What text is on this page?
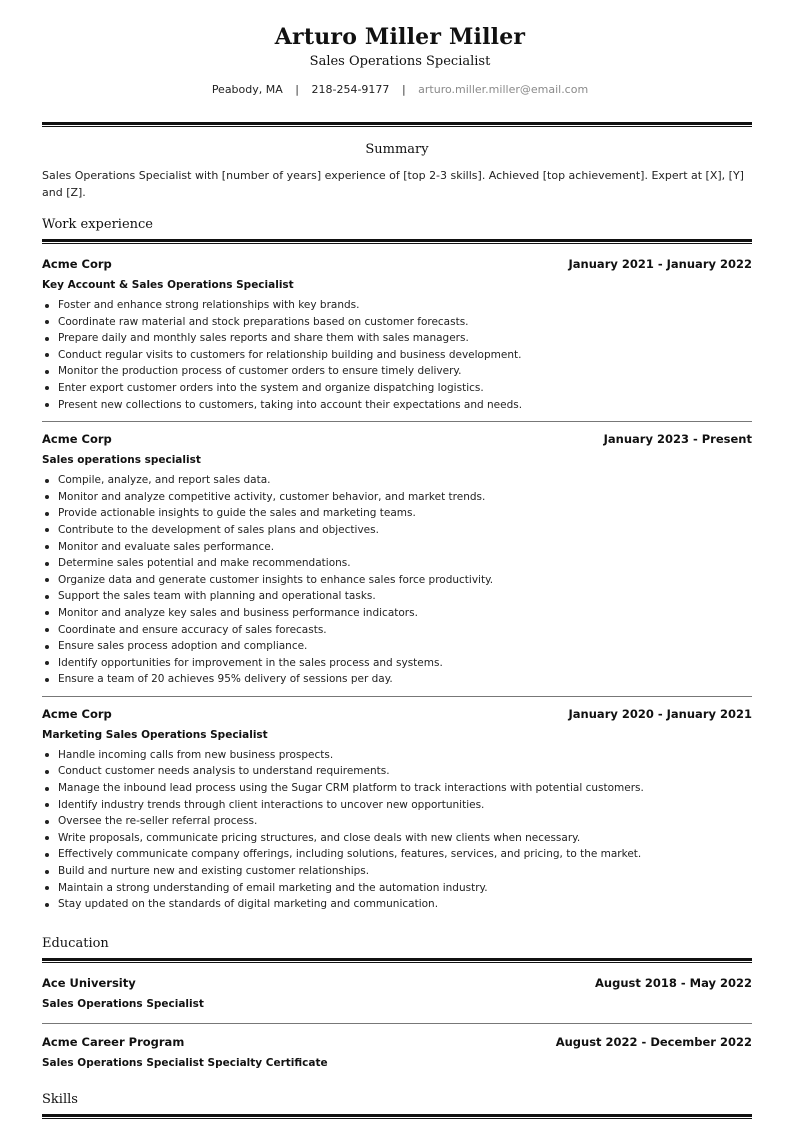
Arturo Miller Miller
Sales Operations Specialist
Peabody, MA | 218-254-9177 | arturo.miller.miller@email.com
Summary
Sales Operations Specialist with [number of years] experience of [top 2-3 skills]. Achieved [top achievement]. Expert at [X], [Y] and [Z].
Work experience
Acme Corp	January 2021 - January 2022
Key Account & Sales Operations Specialist
Foster and enhance strong relationships with key brands.
Coordinate raw material and stock preparations based on customer forecasts.
Prepare daily and monthly sales reports and share them with sales managers.
Conduct regular visits to customers for relationship building and business development.
Monitor the production process of customer orders to ensure timely delivery.
Enter export customer orders into the system and organize dispatching logistics.
Present new collections to customers, taking into account their expectations and needs.
Acme Corp	January 2023 - Present
Sales operations specialist
Compile, analyze, and report sales data.
Monitor and analyze competitive activity, customer behavior, and market trends.
Provide actionable insights to guide the sales and marketing teams.
Contribute to the development of sales plans and objectives.
Monitor and evaluate sales performance.
Determine sales potential and make recommendations.
Organize data and generate customer insights to enhance sales force productivity.
Support the sales team with planning and operational tasks.
Monitor and analyze key sales and business performance indicators.
Coordinate and ensure accuracy of sales forecasts.
Ensure sales process adoption and compliance.
Identify opportunities for improvement in the sales process and systems.
Ensure a team of 20 achieves 95% delivery of sessions per day.
Acme Corp	January 2020 - January 2021
Marketing Sales Operations Specialist
Handle incoming calls from new business prospects.
Conduct customer needs analysis to understand requirements.
Manage the inbound lead process using the Sugar CRM platform to track interactions with potential customers.
Identify industry trends through client interactions to uncover new opportunities.
Oversee the re-seller referral process.
Write proposals, communicate pricing structures, and close deals with new clients when necessary.
Effectively communicate company offerings, including solutions, features, services, and pricing, to the market.
Build and nurture new and existing customer relationships.
Maintain a strong understanding of email marketing and the automation industry.
Stay updated on the standards of digital marketing and communication.
Education
Ace University	August 2018 - May 2022
Sales Operations Specialist
Acme Career Program	August 2022 - December 2022
Sales Operations Specialist Specialty Certificate
Skills
